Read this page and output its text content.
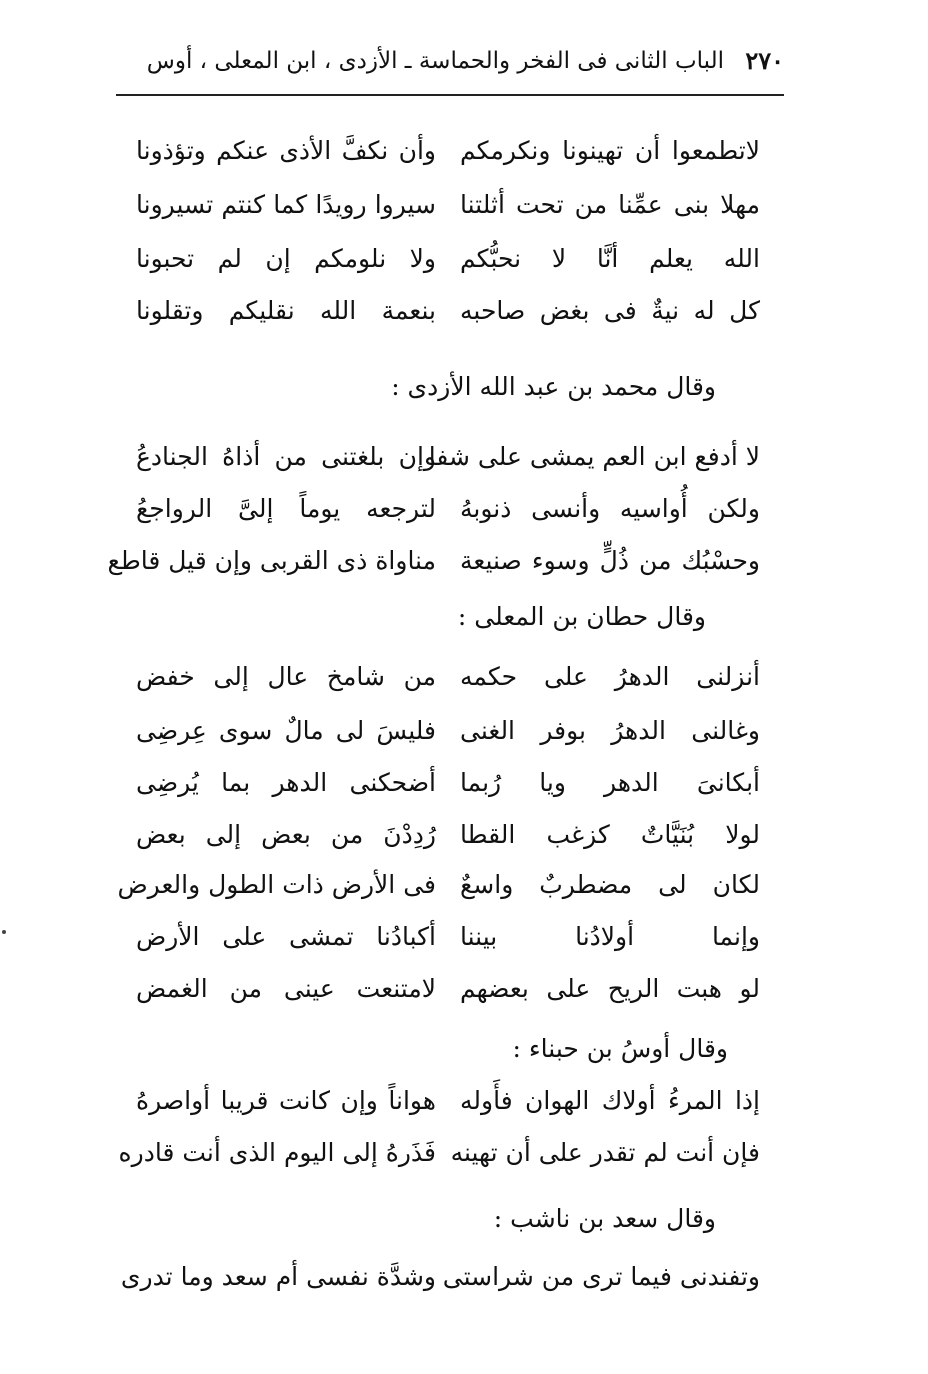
٢٧٠
الباب الثانى فى الفخر والحماسة ـ الأزدى ، ابن المعلى ، أوس
لاتطمعوا أن تهينونا ونكرمكم
وأن نكفَّ الأذى عنكم وتؤذونا
مهلا بنى عمِّنا من تحت أثلتنا
سيروا رويدًا كما كنتم تسيرونا
الله يعلم أنَّا لا نحبُّكم
ولا نلومكم إن لم تحبونا
كل له نيةٌ فى بغض صاحبه
بنعمة الله نقليكم وتقلونا
وقال محمد بن عبد الله الأزدى :
لا أدفع ابن العم يمشى على شفا
وإن بلغتنى من أذاهُ الجنادعُ
ولكن أُواسيه وأنسى ذنوبهُ
لترجعه يوماً إلىَّ الرواجعُ
وحسْبُك من ذُلٍّ وسوء صنيعة
مناواة ذى القربى وإن قيل قاطع
وقال حطان بن المعلى :
أنزلنى الدهرُ على حكمه
من شامخ عال إلى خفض
وغالنى الدهرُ بوفر الغنى
فليسَ لى مالٌ سوى عِرضِى
أبكانىَ الدهر ويا رُبما
أضحكنى الدهر بما يُرضِى
لولا بُنَيَّاتٌ كزغب القطا
رُدِدْنَ من بعض إلى بعض
لكان لى مضطربٌ واسعٌ
فى الأرض ذات الطول والعرض
وإنما أولادُنا بيننا
أكبادُنا تمشى على الأرض
لو هبت الريح على بعضهم
لامتنعت عينى من الغمض
وقال أوسُ بن حبناء :
إذا المرءُ أولاك الهوان فأَوله
هواناً وإن كانت قريبا أواصرهُ
فإن أنت لم تقدر على أن تهينه
فَذَرهُ إلى اليوم الذى أنت قادره
وقال سعد بن ناشب :
وتفندنى فيما ترى من شراستى
وشدَّة نفسى أم سعد وما تدرى
